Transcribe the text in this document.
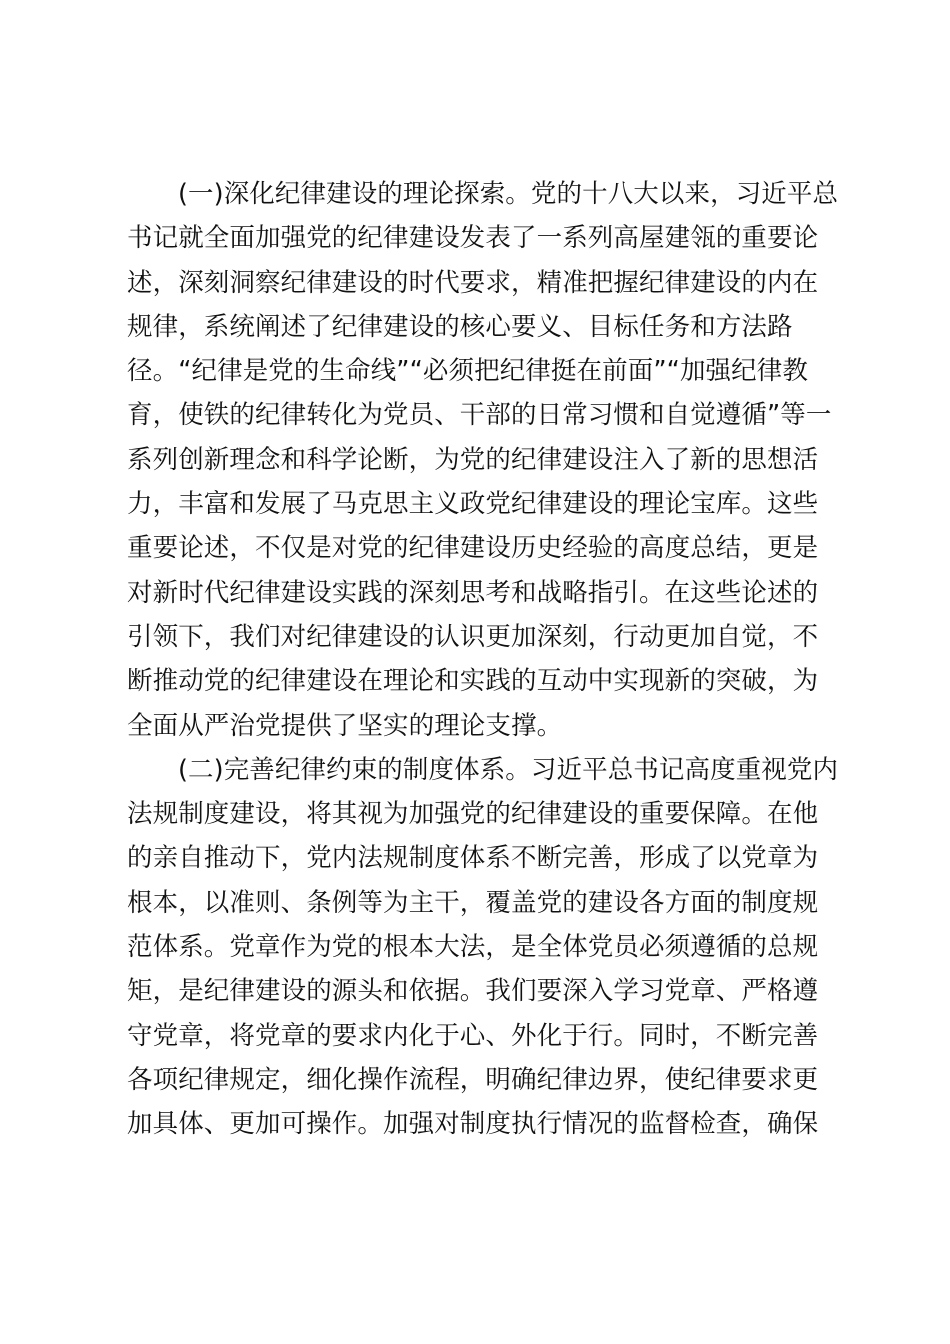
(一)深化纪律建设的理论探索。党的十八大以来，习近平总
书记就全面加强党的纪律建设发表了一系列高屋建瓴的重要论
述，深刻洞察纪律建设的时代要求，精准把握纪律建设的内在
规律，系统阐述了纪律建设的核心要义、目标任务和方法路
径。“纪律是党的生命线”“必须把纪律挺在前面”“加强纪律教
育，使铁的纪律转化为党员、干部的日常习惯和自觉遵循”等一
系列创新理念和科学论断，为党的纪律建设注入了新的思想活
力，丰富和发展了马克思主义政党纪律建设的理论宝库。这些
重要论述，不仅是对党的纪律建设历史经验的高度总结，更是
对新时代纪律建设实践的深刻思考和战略指引。在这些论述的
引领下，我们对纪律建设的认识更加深刻，行动更加自觉，不
断推动党的纪律建设在理论和实践的互动中实现新的突破，为
全面从严治党提供了坚实的理论支撑。
(二)完善纪律约束的制度体系。习近平总书记高度重视党内
法规制度建设，将其视为加强党的纪律建设的重要保障。在他
的亲自推动下，党内法规制度体系不断完善，形成了以党章为
根本，以准则、条例等为主干，覆盖党的建设各方面的制度规
范体系。党章作为党的根本大法，是全体党员必须遵循的总规
矩，是纪律建设的源头和依据。我们要深入学习党章、严格遵
守党章，将党章的要求内化于心、外化于行。同时，不断完善
各项纪律规定，细化操作流程，明确纪律边界，使纪律要求更
加具体、更加可操作。加强对制度执行情况的监督检查，确保
